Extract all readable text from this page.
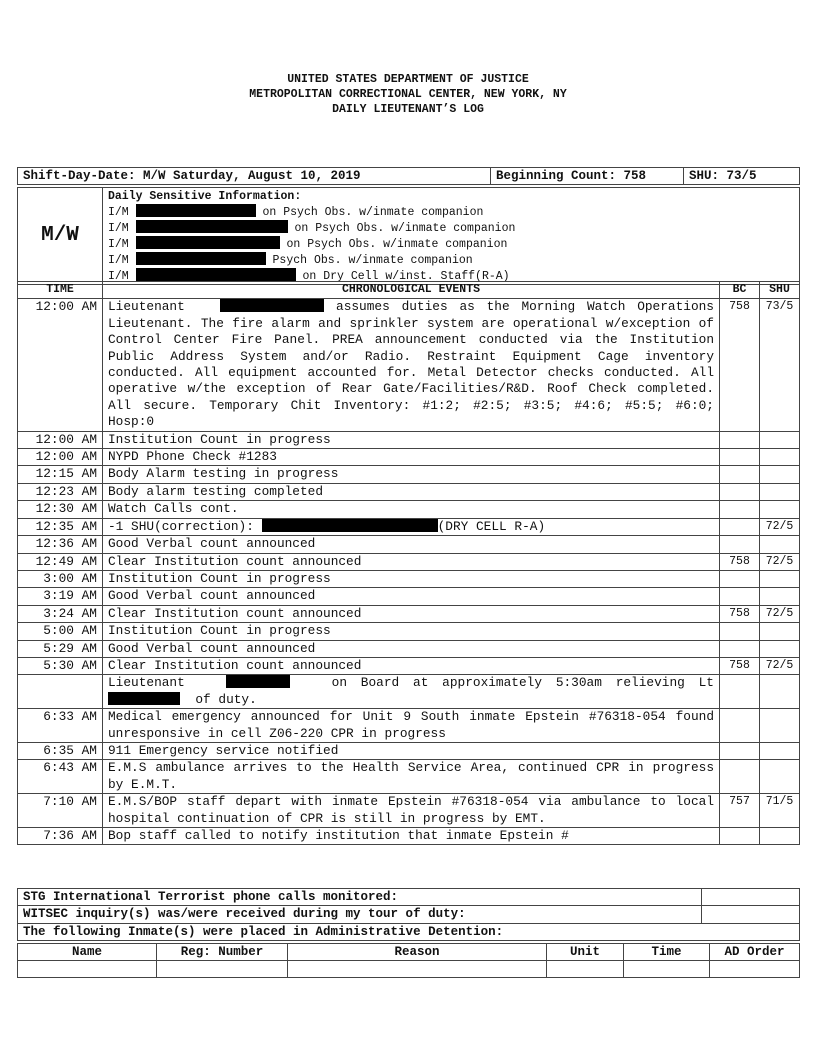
UNITED STATES DEPARTMENT OF JUSTICE
METROPOLITAN CORRECTIONAL CENTER, NEW YORK, NY
DAILY LIEUTENANT’S LOG
Shift-Day-Date: M/W Saturday, August 10, 2019	Beginning Count: 758	SHU: 73/5
M/W	
Daily Sensitive Information:
I/M	on Psych Obs. w/inmate companion
I/M	on Psych Obs. w/inmate companion
I/M	on Psych Obs. w/inmate companion
I/M	Psych Obs. w/inmate companion
I/M	on Dry Cell w/inst. Staff(R-A)
TIME	CHRONOLOGICAL EVENTS	BC	SHU
12:00 AM	Lieutenant assumes duties as the Morning Watch Operations Lieutenant. The fire alarm and sprinkler system are operational w/exception of Control Center Fire Panel. PREA announcement conducted via the Institution Public Address System and/or Radio. Restraint Equipment Cage inventory conducted. All equipment accounted for. Metal Detector checks conducted. All operative w/the exception of Rear Gate/Facilities/R&D. Roof Check completed. All secure. Temporary Chit Inventory: #1:2; #2:5; #3:5; #4:6; #5:5; #6:0; Hosp:0	758	73/5
12:00 AM	Institution Count in progress		
12:00 AM	NYPD Phone Check #1283		
12:15 AM	Body Alarm testing in progress		
12:23 AM	Body alarm testing completed		
12:30 AM	Watch Calls cont.		
12:35 AM	-1 SHU(correction): (DRY CELL R-A)		72/5
12:36 AM	Good Verbal count announced		
12:49 AM	Clear Institution count announced	758	72/5
3:00 AM	Institution Count in progress		
3:19 AM	Good Verbal count announced		
3:24 AM	Clear Institution count announced	758	72/5
5:00 AM	Institution Count in progress		
5:29 AM	Good Verbal count announced		
5:30 AM	Clear Institution count announced	758	72/5
	Lieutenant on Board at approximately 5:30am relieving Lt   of duty.		
6:33 AM	Medical emergency announced for Unit 9 South inmate Epstein #76318-054 found unresponsive in cell Z06-220 CPR in progress		
6:35 AM	911 Emergency service notified		
6:43 AM	E.M.S ambulance arrives to the Health Service Area, continued CPR in progress by E.M.T.		
7:10 AM	E.M.S/BOP staff depart with inmate Epstein #76318-054 via ambulance to local hospital continuation of CPR is still in progress by EMT.	757	71/5
7:36 AM	Bop staff called to notify institution that inmate Epstein #		
STG International Terrorist phone calls monitored:	
WITSEC inquiry(s) was/were received during my tour of duty:	
The following Inmate(s) were placed in Administrative Detention:	
Name	Reg: Number	Reason	Unit	Time	AD Order
